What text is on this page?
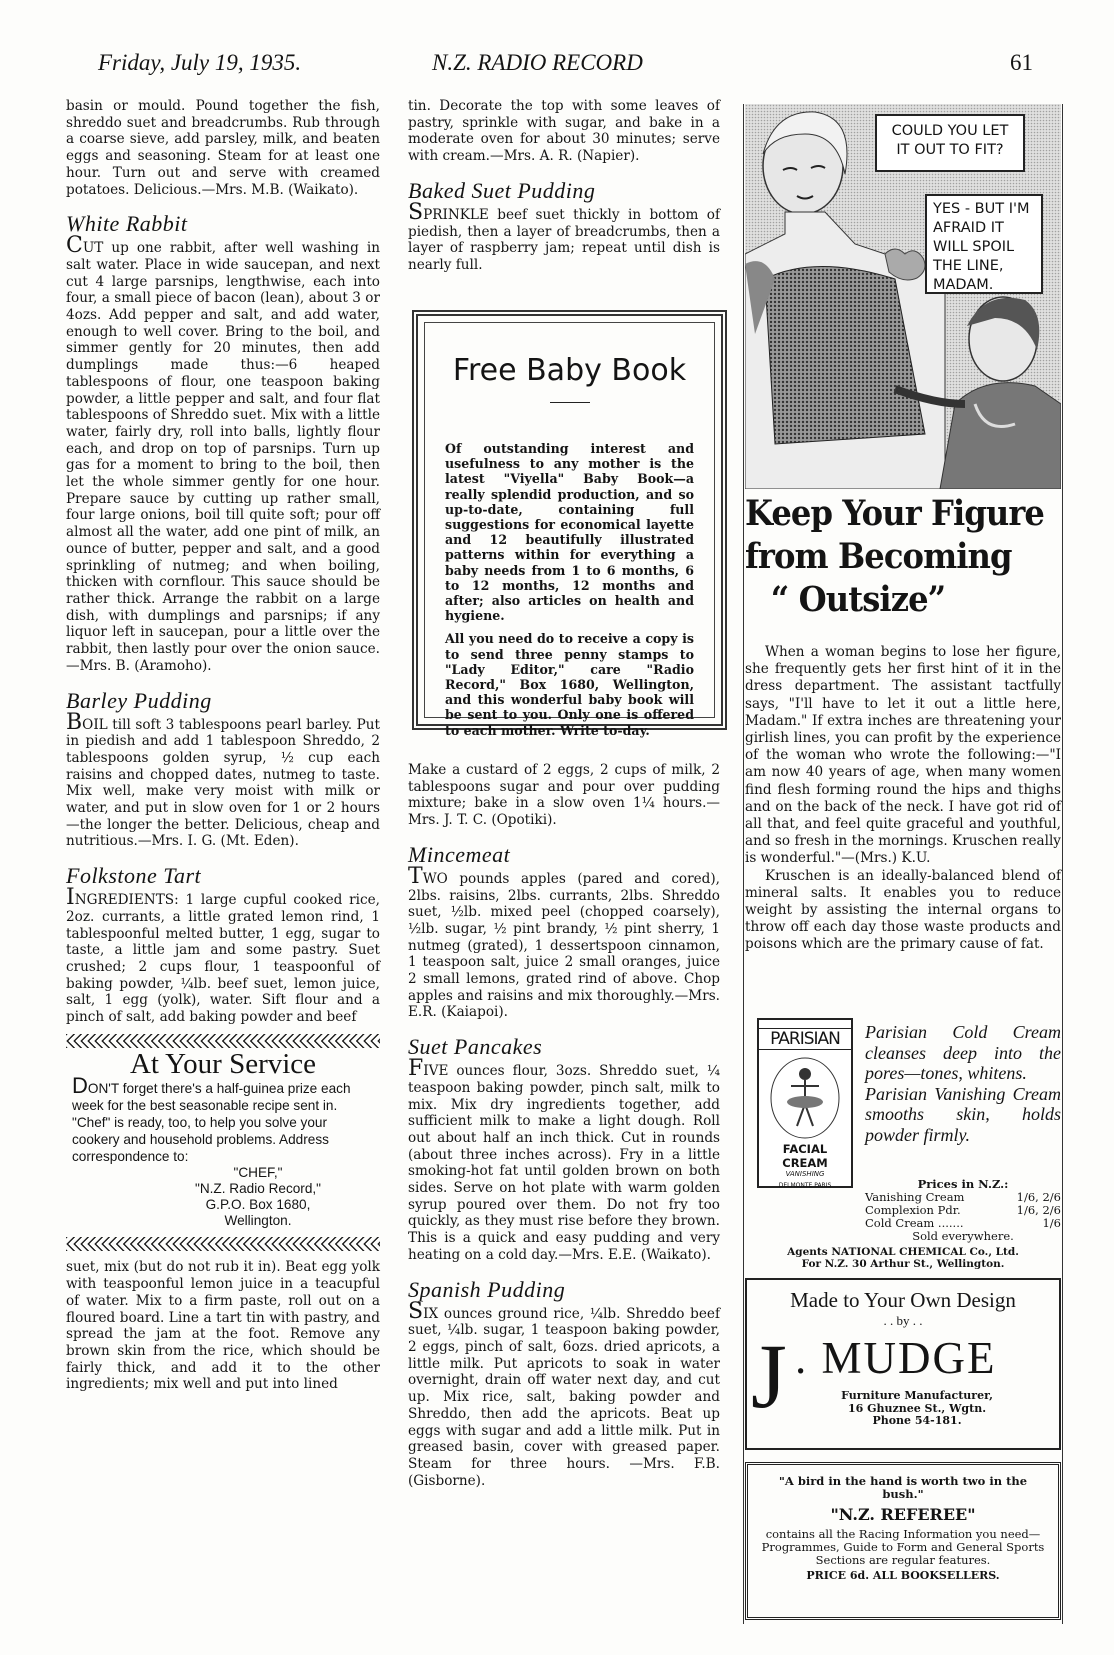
Friday, July 19, 1935.	N.Z. RADIO RECORD	61

basin or mould. Pound together the fish, shreddo suet and breadcrumbs. Rub through a coarse sieve, add parsley, milk, and beaten eggs and seasoning. Steam for at least one hour. Turn out and serve with creamed potatoes. Delicious.—Mrs. M.B. (Waikato).

White Rabbit

CUT up one rabbit, after well washing in salt water. Place in wide saucepan, and next cut 4 large parsnips, lengthwise, each into four, a small piece of bacon (lean), about 3 or 4ozs. Add pepper and salt, and add water, enough to well cover. Bring to the boil, and simmer gently for 20 minutes, then add dumplings made thus:—6 heaped tablespoons of flour, one teaspoon baking powder, a little pepper and salt, and four flat tablespoons of Shreddo suet. Mix with a little water, fairly dry, roll into balls, lightly flour each, and drop on top of parsnips. Turn up gas for a moment to bring to the boil, then let the whole simmer gently for one hour. Prepare sauce by cutting up rather small, four large onions, boil till quite soft; pour off almost all the water, add one pint of milk, an ounce of butter, pepper and salt, and a good sprinkling of nutmeg; and when boiling, thicken with cornflour. This sauce should be rather thick. Arrange the rabbit on a large dish, with dumplings and parsnips; if any liquor left in saucepan, pour a little over the rabbit, then lastly pour over the onion sauce.—Mrs. B. (Aramoho).

Barley Pudding

BOIL till soft 3 tablespoons pearl barley. Put in piedish and add 1 tablespoon Shreddo, 2 tablespoons golden syrup, ½ cup each raisins and chopped dates, nutmeg to taste. Mix well, make very moist with milk or water, and put in slow oven for 1 or 2 hours—the longer the better. Delicious, cheap and nutritious.—Mrs. I. G. (Mt. Eden).

Folkstone Tart

INGREDIENTS: 1 large cupful cooked rice, 2oz. currants, a little grated lemon rind, 1 tablespoonful melted butter, 1 egg, sugar to taste, a little jam and some pastry. Suet crushed; 2 cups flour, 1 teaspoonful of baking powder, ¼lb. beef suet, lemon juice, salt, 1 egg (yolk), water. Sift flour and a pinch of salt, add baking powder and beef

At Your Service

DON'T forget there's a half-guinea prize each week for the best seasonable recipe sent in. "Chef" is ready, too, to help you solve your cookery and household problems. Address correspondence to:

"CHEF,"
"N.Z. Radio Record,"
G.P.O. Box 1680,
Wellington.

suet, mix (but do not rub it in). Beat egg yolk with teaspoonful lemon juice in a teacupful of water. Mix to a firm paste, roll out on a floured board. Line a tart tin with pastry, and spread the jam at the foot. Remove any brown skin from the rice, which should be fairly thick, and add it to the other ingredients; mix well and put into lined

tin. Decorate the top with some leaves of pastry, sprinkle with sugar, and bake in a moderate oven for about 30 minutes; serve with cream.—Mrs. A. R. (Napier).

Baked Suet Pudding

SPRINKLE beef suet thickly in bottom of piedish, then a layer of breadcrumbs, then a layer of raspberry jam; repeat until dish is nearly full.

Free Baby Book

Of outstanding interest and usefulness to any mother is the latest "Viyella" Baby Book—a really splendid production, and so up-to-date, containing full suggestions for economical layette and 12 beautifully illustrated patterns within for everything a baby needs from 1 to 6 months, 6 to 12 months, 12 months and after; also articles on health and hygiene.

All you need do to receive a copy is to send three penny stamps to "Lady Editor," care "Radio Record," Box 1680, Wellington, and this wonderful baby book will be sent to you. Only one is offered to each mother. Write to-day.

Make a custard of 2 eggs, 2 cups of milk, 2 tablespoons sugar and pour over pudding mixture; bake in a slow oven 1¼ hours.—Mrs. J. T. C. (Opotiki).

Mincemeat

TWO pounds apples (pared and cored), 2lbs. raisins, 2lbs. currants, 2lbs. Shreddo suet, ½lb. mixed peel (chopped coarsely), ½lb. sugar, ½ pint brandy, ½ pint sherry, 1 nutmeg (grated), 1 dessertspoon cinnamon, 1 teaspoon salt, juice 2 small oranges, juice 2 small lemons, grated rind of above. Chop apples and raisins and mix thoroughly.—Mrs. E.R. (Kaiapoi).

Suet Pancakes

FIVE ounces flour, 3ozs. Shreddo suet, ¼ teaspoon baking powder, pinch salt, milk to mix. Mix dry ingredients together, add sufficient milk to make a light dough. Roll out about half an inch thick. Cut in rounds (about three inches across). Fry in a little smoking-hot fat until golden brown on both sides. Serve on hot plate with warm golden syrup poured over them. Do not fry too quickly, as they must rise before they brown. This is a quick and easy pudding and very heating on a cold day.—Mrs. E.E. (Waikato).

Spanish Pudding

SIX ounces ground rice, ¼lb. Shreddo beef suet, ¼lb. sugar, 1 teaspoon baking powder, 2 eggs, pinch of salt, 6ozs. dried apricots, a little milk. Put apricots to soak in water overnight, drain off water next day, and cut up. Mix rice, salt, baking powder and Shreddo, then add the apricots. Beat up eggs with sugar and add a little milk. Put in greased basin, cover with greased paper. Steam for three hours. —Mrs. F.B. (Gisborne).

COULD YOU LET IT OUT TO FIT?
YES - BUT I'M AFRAID IT WILL SPOIL THE LINE, MADAM.
Keep Your Figure
from Becoming
“ Outsize”

When a woman begins to lose her figure, she frequently gets her first hint of it in the dress department. The assistant tactfully says, "I'll have to let it out a little here, Madam." If extra inches are threatening your girlish lines, you can profit by the experience of the woman who wrote the following:—"I am now 40 years of age, when many women find flesh forming round the hips and thighs and on the back of the neck. I have got rid of all that, and feel quite graceful and youthful, and so fresh in the mornings. Kruschen really is wonderful."—(Mrs.) K.U.

Kruschen is an ideally-balanced blend of mineral salts. It enables you to reduce weight by assisting the internal organs to throw off each day those waste products and poisons which are the primary cause of fat.

PARISIAN
FACIAL CREAM
VANISHING
DELMONTE PARIS
Parisian Cold Cream cleanses deep into the pores—tones, whitens.
Parisian Vanishing Cream smooths skin, holds powder firmly.
Prices in N.Z.:
Vanishing Cream	1/6, 2/6
Complexion Pdr.	1/6, 2/6
Cold Cream .......	1/6
Sold everywhere.
Agents NATIONAL CHEMICAL Co., Ltd.
For N.Z. 30 Arthur St., Wellington.
Made to Your Own Design
. . by . .
J . MUDGE
Furniture Manufacturer,
16 Ghuznee St., Wgtn.
Phone 54-181.
"A bird in the hand is worth two in the bush."
"N.Z. REFEREE"
contains all the Racing Information you need—Programmes, Guide to Form and General Sports Sections are regular features.
PRICE 6d. ALL BOOKSELLERS.
